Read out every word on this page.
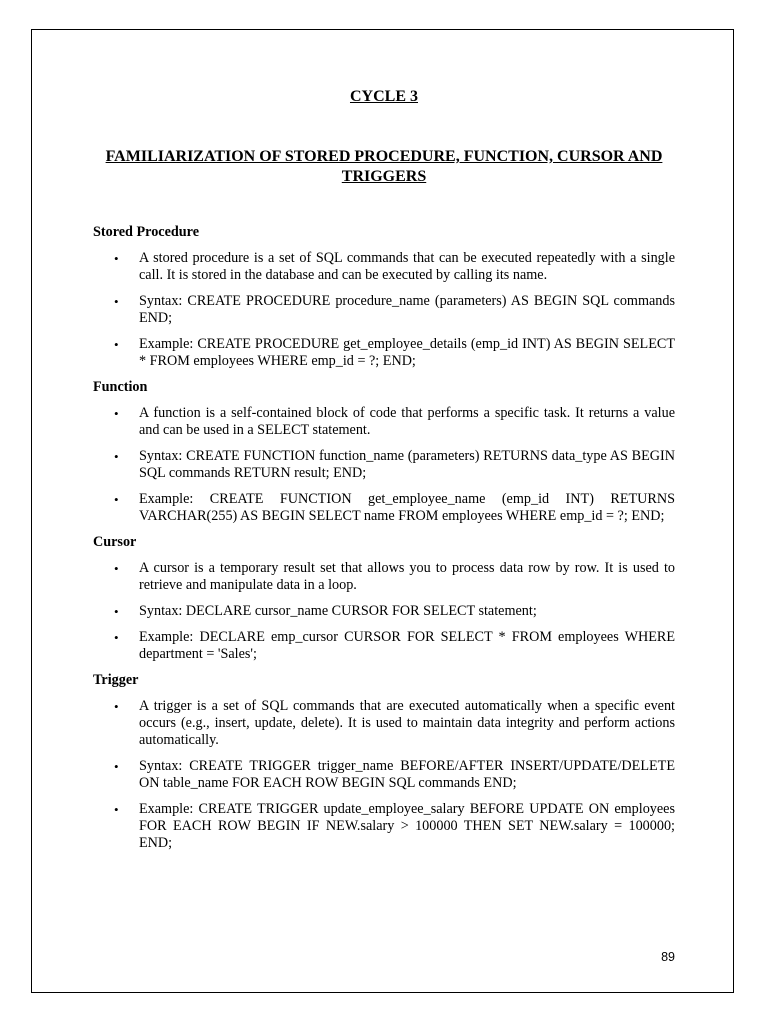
CYCLE 3
FAMILIARIZATION OF STORED PROCEDURE, FUNCTION, CURSOR AND TRIGGERS
Stored Procedure
• A stored procedure is a set of SQL commands that can be executed repeatedly with a single call. It is stored in the database and can be executed by calling its name.
• Syntax: CREATE PROCEDURE procedure_name (parameters) AS BEGIN SQL commands END;
• Example: CREATE PROCEDURE get_employee_details (emp_id INT) AS BEGIN SELECT * FROM employees WHERE emp_id = ?; END;
Function
• A function is a self-contained block of code that performs a specific task. It returns a value and can be used in a SELECT statement.
• Syntax: CREATE FUNCTION function_name (parameters) RETURNS data_type AS BEGIN SQL commands RETURN result; END;
• Example: CREATE FUNCTION get_employee_name (emp_id INT) RETURNS VARCHAR(255) AS BEGIN SELECT name FROM employees WHERE emp_id = ?; END;
Cursor
• A cursor is a temporary result set that allows you to process data row by row. It is used to retrieve and manipulate data in a loop.
• Syntax: DECLARE cursor_name CURSOR FOR SELECT statement;
• Example: DECLARE emp_cursor CURSOR FOR SELECT * FROM employees WHERE department = 'Sales';
Trigger
• A trigger is a set of SQL commands that are executed automatically when a specific event occurs (e.g., insert, update, delete). It is used to maintain data integrity and perform actions automatically.
• Syntax: CREATE TRIGGER trigger_name BEFORE/AFTER INSERT/UPDATE/DELETE ON table_name FOR EACH ROW BEGIN SQL commands END;
• Example: CREATE TRIGGER update_employee_salary BEFORE UPDATE ON employees FOR EACH ROW BEGIN IF NEW.salary > 100000 THEN SET NEW.salary = 100000; END;
89
